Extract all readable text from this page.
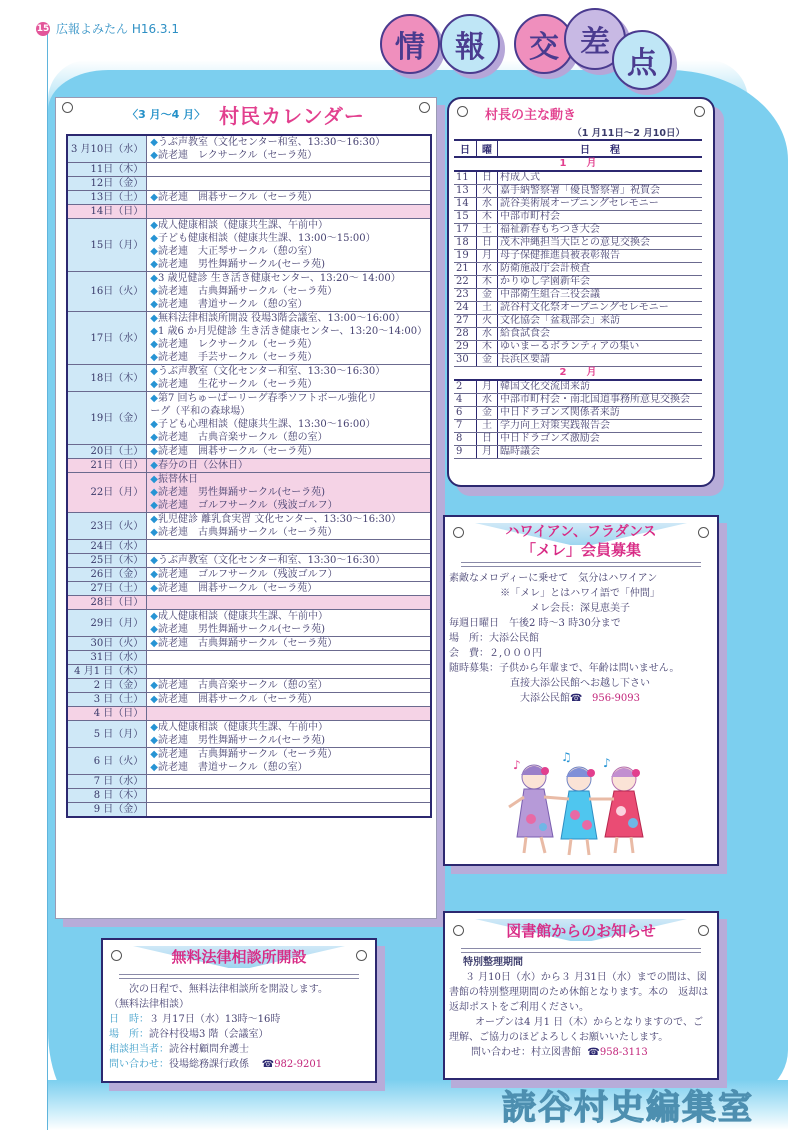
15 広報よみたん H16.3.1
情	報	交 差
点
〈3 月〜4 月〉 村民カレンダー
3 月10日（水）	◆ うぶ声教室（文化センター和室、13:30〜16:30）
◆ 読老連　レクサークル（セーラ苑）

11日（木）	
12日（金）	
13日（土）	◆ 読老連　囲碁サークル（セーラ苑）

14日（日）	
15日（月）	◆ 成人健康相談（健康共生課、午前中）
◆ 子ども健康相談（健康共生課、13:00〜15:00）
◆ 読老連　大正琴サークル（憩の室）
◆ 読老連　男性舞踊サークル(セーラ苑)

16日（火）	◆ 3 歳児健診 生き活き健康センター、13:20〜 14:00）
◆ 読老連　古典舞踊サークル（セーラ苑）
◆ 読老連　書道サークル（憩の室）

17日（水）	◆ 無料法律相談所開設 役場3階会議室、13:00〜16:00）
◆ 1 歳6 か月児健診 生き活き健康センター、13:20〜14:00）
◆ 読老連　レクサークル（セーラ苑）
◆ 読老連　手芸サークル（セーラ苑）

18日（木）	◆ うぶ声教室（文化センター和室、13:30〜16:30）
◆ 読老連　生花サークル（セーラ苑）

19日（金）	◆ 第7 回ちゅーばーリーグ春季ソフトボール強化リ
ーグ（平和の森球場）
◆ 子ども心理相談（健康共生課、13:30〜16:00）
◆ 読老連　古典音楽サークル（憩の室）

20日（土）	◆ 読老連　囲碁サークル（セーラ苑）

21日（日）	◆ 春分の日（公休日）

22日（月）	◆ 振替休日
◆ 読老連　男性舞踊サークル(セーラ苑)
◆ 読老連　ゴルフサークル（残波ゴルフ）

23日（火）	◆ 乳児健診 離乳食実習 文化センター、13:30〜16:30）
◆ 読老連　古典舞踊サークル（セーラ苑）

24日（水）	
25日（木）	◆ うぶ声教室（文化センター和室、13:30〜16:30）

26日（金）	◆ 読老連　ゴルフサークル（残波ゴルフ）

27日（土）	◆ 読老連　囲碁サークル（セーラ苑）

28日（日）	
29日（月）	◆ 成人健康相談（健康共生課、午前中）
◆ 読老連　男性舞踊サークル(セーラ苑)

30日（火）	◆ 読老連　古典舞踊サークル（セーラ苑）

31日（水）	
4 月1 日（木）	
2 日（金）	◆ 読老連　古典音楽サークル（憩の室）

3 日（土）	◆ 読老連　囲碁サークル（セーラ苑）

4 日（日）	
5 日（月）	◆ 成人健康相談（健康共生課、午前中）
◆ 読老連　男性舞踊サークル(セーラ苑)

6 日（火）	◆ 読老連　古典舞踊サークル（セーラ苑）
◆ 読老連　書道サークル（憩の室）

7 日（水）	
8 日（木）	
9 日（金）	
村長の主な動き
（1 月11日〜2 月10日）
日	曜	日　　程
1　　月		
11	日	村成人式
13	火	嘉手納警察署「優良警察署」祝賀会
14	水	読谷美術展オープニングセレモニー
15	木	中部市町村会
17	土	福祉新春もちつき大会
18	日	茂木沖縄担当大臣との意見交換会
19	月	母子保健推進員被表彰報告
21	水	防衛施設庁会計検査
22	木	かりゆし学園新年会
23	金	中部衛生組合三役会議
24	土	読谷村文化祭オープニングセレモニー
27	火	文化協会「盆栽部会」来訪
28	水	給食試食会
29	木	ゆいまーるボランティアの集い
30	金	長浜区要請
2　　月		
2	月	韓国文化交流団来訪
4	水	中部市町村会・南北国道事務所意見交換会
6	金	中日ドラゴンズ関係者来訪
7	土	学力向上対策実践報告会
8	日	中日ドラゴンズ激励会
9	月	臨時議会
ハワイアン、フラダンス
「メレ」会員募集
素敵なメロディーに乗せて　気分はハワイアン
※「メレ」とはハワイ語で「仲間」
メレ会長：深見恵美子
毎週日曜日　午後2 時〜3 時30分まで
場　所：大添公民館
会　費：２,０００円
随時募集：子供から年輩まで、年齢は問いません。
直接大添公民館へお越し下さい
大添公民館☎ 956-9093
♪
♫	♪
図書館からのお知らせ
特別整理期間
３ 月10日（水）から３ 月31日（水）までの間は、図書館の特別整理期間のため休館となります。本の　返却は返却ポストをご利用ください。
オープンは4 月1 日（木）からとなりますので、ご理解、ご協力のほどよろしくお願いいたします。
問い合わせ：村立図書館 ☎958-3113
無料法律相談所開設
次の日程で、無料法律相談所を開設します。
（無料法律相談）
日　時：３ 月17日（水）13時〜16時
場　所：読谷村役場3 階（会議室）
相談担当者：読谷村顧問弁護士
問い合わせ：役場総務課行政係 ☎982-9201
読谷村史編集室
